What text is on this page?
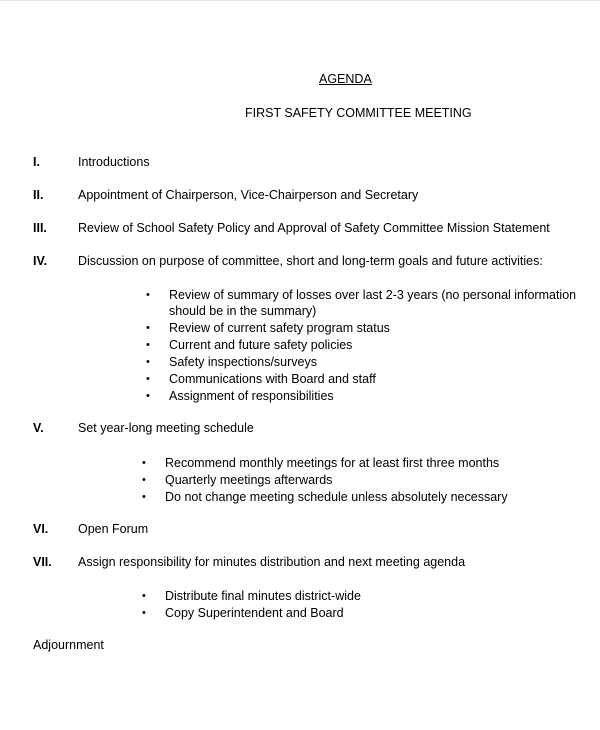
AGENDA
FIRST SAFETY COMMITTEE MEETING
I.	Introductions
II.	Appointment of Chairperson, Vice-Chairperson and Secretary
III. Review of School Safety Policy and Approval of Safety Committee Mission Statement
IV. Discussion on purpose of committee, short and long-term goals and future activities:
• Review of summary of losses over last 2-3 years (no personal information
should be in the summary)
• Review of current safety program status
• Current and future safety policies
• Safety inspections/surveys
• Communications with Board and staff
• Assignment of responsibilities
V.	Set year-long meeting schedule
• Recommend monthly meetings for at least first three months
• Quarterly meetings afterwards
• Do not change meeting schedule unless absolutely necessary
VI. Open Forum
VII. Assign responsibility for minutes distribution and next meeting agenda
• Distribute final minutes district-wide
• Copy Superintendent and Board
Adjournment
